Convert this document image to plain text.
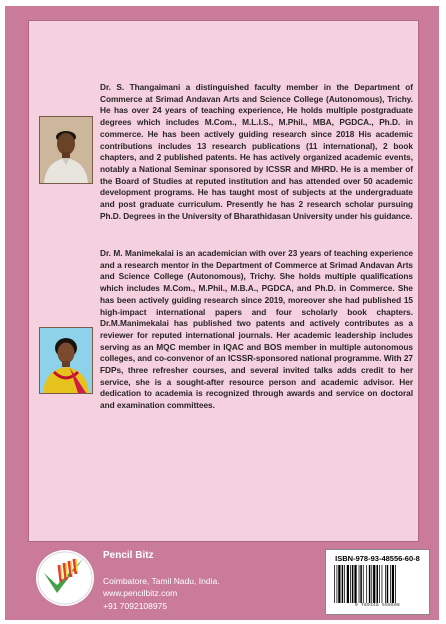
Dr. S. Thangaimani a distinguished faculty member in the Department of Commerce at Srimad Andavan Arts and Science College (Autonomous), Trichy. He has over 24 years of teaching experience, He holds multiple postgraduate degrees which includes M.Com., M.L.I.S., M.Phil., MBA, PGDCA., Ph.D. in commerce. He has been actively guiding research since 2018 His academic contributions includes 13 research publications (11 international), 2 book chapters, and 2 published patents. He has actively organized academic events, notably a National Seminar sponsored by ICSSR and MHRD. He is a member of the Board of Studies at reputed institution and has attended over 50 academic development programs. He has taught most of subjects at the undergraduate and post graduate curriculum. Presently he has 2 research scholar pursuing Ph.D. Degrees in the University of Bharathidasan University under his guidance.

Dr. M. Manimekalai is an academician with over 23 years of teaching experience and a research mentor in the Department of Commerce at Srimad Andavan Arts and Science College (Autonomous), Trichy. She holds multiple qualifications which includes M.Com., M.Phil., M.B.A., PGDCA, and Ph.D. in Commerce. She has been actively guiding research since 2019, moreover she had published 15 high-impact international papers and four scholarly book chapters. Dr.M.Manimekalai has published two patents and actively contributes as a reviewer for reputed international journals. Her academic leadership includes serving as an MQC member in IQAC and BOS member in multiple autonomous colleges, and co-convenor of an ICSSR-sponsored national programme. With 27 FDPs, three refresher courses, and several invited talks adds credit to her service, she is a sought-after resource person and academic advisor. Her dedication to academia is recognized through awards and service on doctoral and examination committees.

Pencil Bitz
Coimbatore, Tamil Nadu, India.
www.pencilbitz.com
+91 7092108975
ISBN-978-93-48556-60-8
9 789348 556608
